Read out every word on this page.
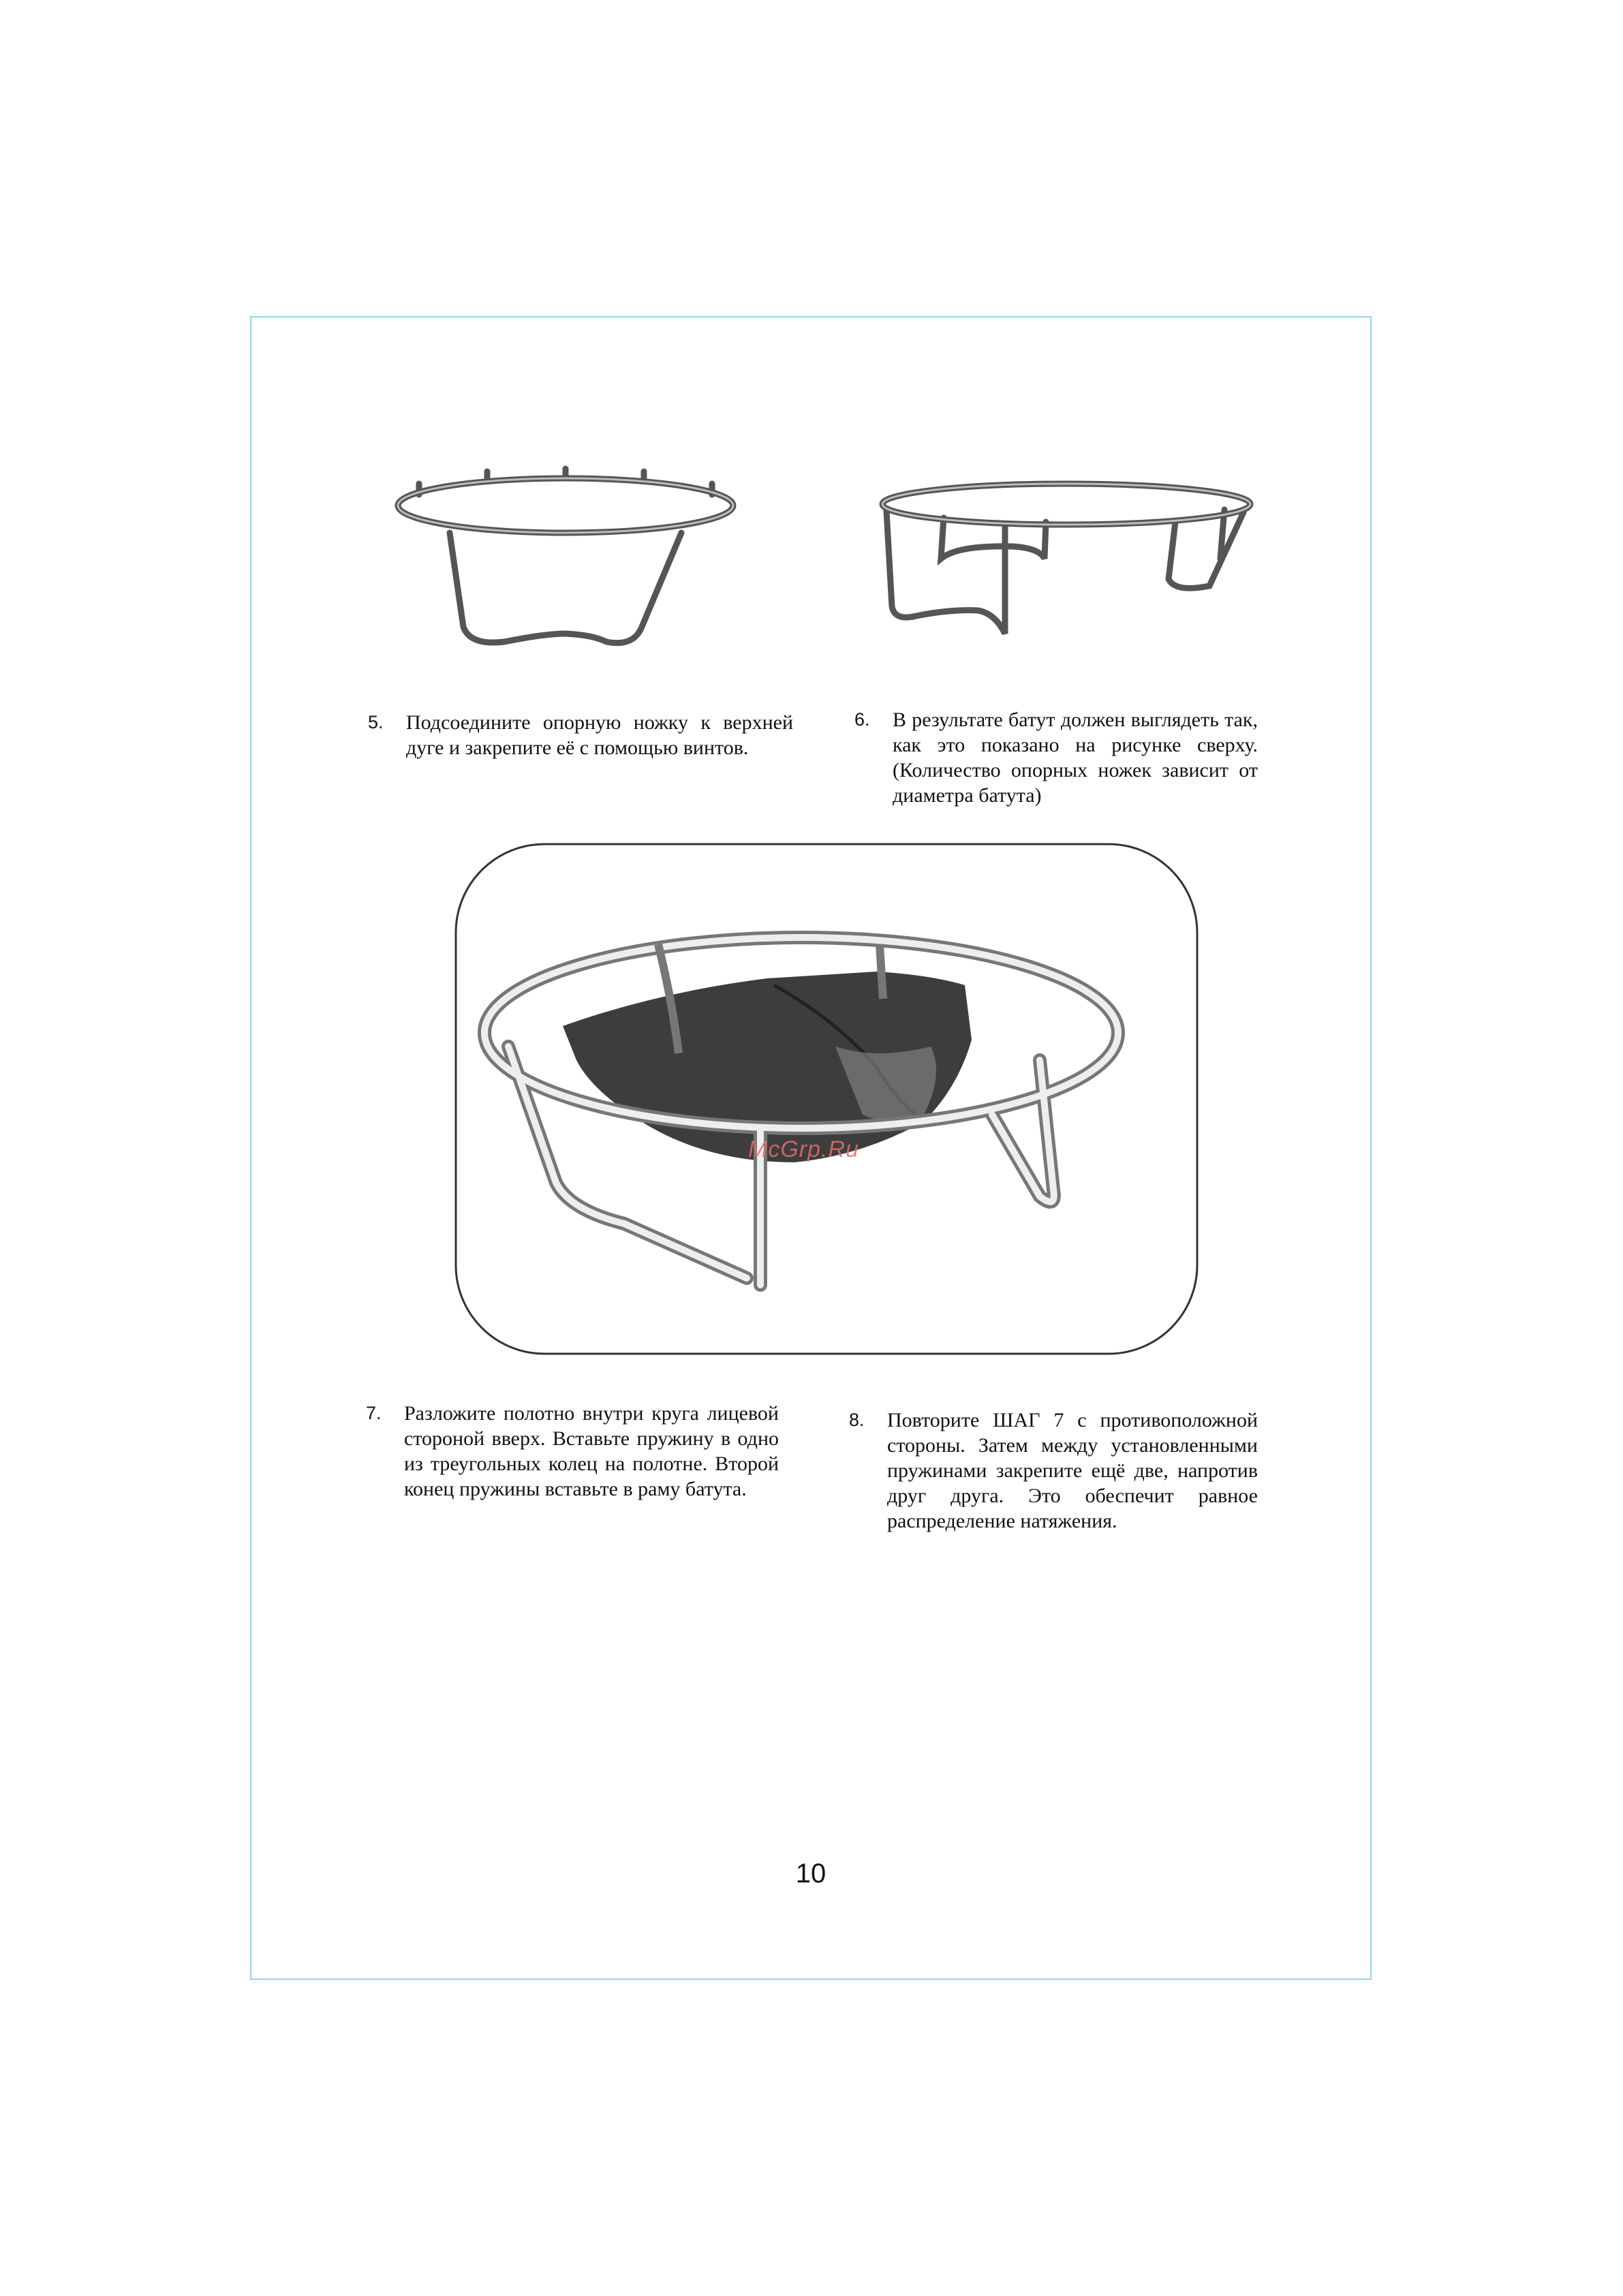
5.	Подсоедините опорную ножку к верхней дуге и закрепите её с помощью винтов.
6.	В результате батут должен выглядеть так, как это показано на рисунке сверху. (Количество опорных ножек зависит от диаметра батута)
McGrp.Ru
7.	Разложите полотно внутри круга лицевой стороной вверх. Вставьте пружину в одно из треугольных колец на полотне. Второй конец пружины вставьте в раму батута.
8.	Повторите ШАГ 7 с противоположной стороны. Затем между установленными пружинами закрепите ещё две, напротив друг друга. Это обеспечит равное распределение натяжения.
10
